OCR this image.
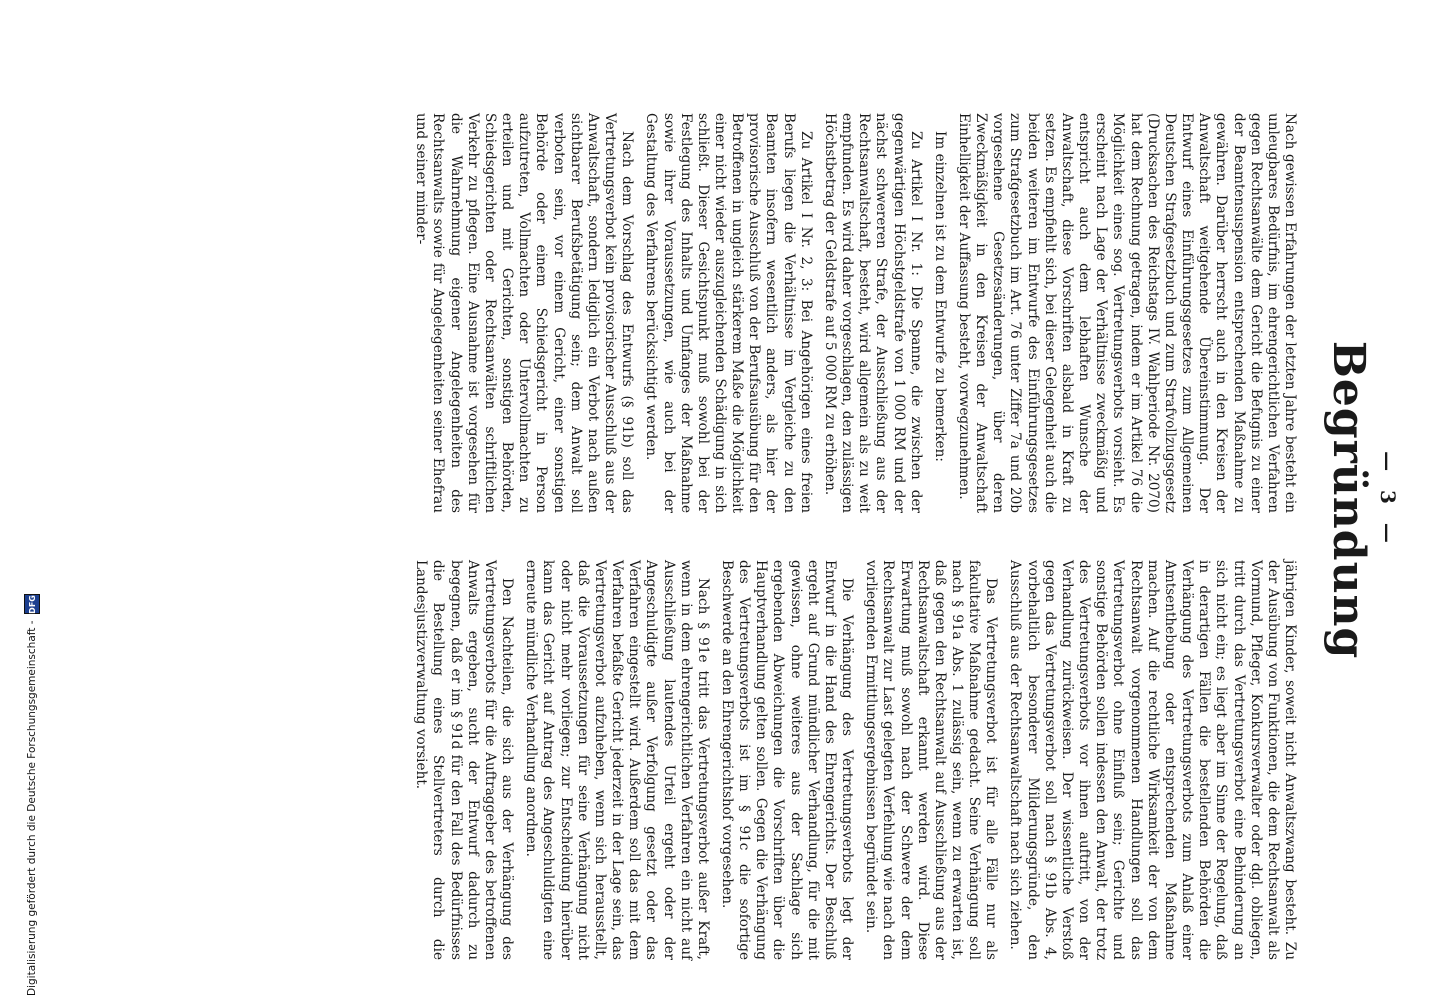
— 3 —
Begründung

Nach gewissen Erfahrungen der letzten Jahre besteht ein unleugbares Bedürfnis, im ehrengerichtlichen Verfahren gegen Rechtsanwälte dem Gericht die Befugnis zu einer der Beamtensuspension entsprechenden Maßnahme zu gewähren. Darüber herrscht auch in den Kreisen der Anwaltschaft weitgehende Übereinstimmung. Der Entwurf eines Einführungsgesetzes zum Allgemeinen Deutschen Strafgesetzbuch und zum Strafvollzugsgesetz (Drucksachen des Reichstags IV. Wahlperiode Nr. 2070) hat dem Rechnung getragen, indem er im Artikel 76 die Möglichkeit eines sog. Vertretungsverbots vorsieht. Es erscheint nach Lage der Verhältnisse zweckmäßig und entspricht auch dem lebhaften Wunsche der Anwaltschaft, diese Vorschriften alsbald in Kraft zu setzen. Es empfiehlt sich, bei dieser Gelegenheit auch die beiden weiteren im Entwurfe des Einführungsgesetzes zum Strafgesetzbuch im Art. 76 unter Ziffer 7a und 20b vorgesehene Gesetzesänderungen, über deren Zweckmäßigkeit in den Kreisen der Anwaltschaft Einhelligkeit der Auffassung besteht, vorwegzunehmen.

Im einzelnen ist zu dem Entwurfe zu bemerken:

Zu Artikel I Nr. 1: Die Spanne, die zwischen der gegenwärtigen Höchstgeldstrafe von 1 000 RM und der nächst schwereren Strafe, der Ausschließung aus der Rechtsanwaltschaft, besteht, wird allgemein als zu weit empfunden. Es wird daher vorgeschlagen, den zulässigen Höchstbetrag der Geldstrafe auf 5 000 RM zu erhöhen.

Zu Artikel I Nr. 2, 3: Bei Angehörigen eines freien Berufs liegen die Verhältnisse im Vergleiche zu den Beamten insofern wesentlich anders, als hier der provisorische Ausschluß von der Berufsausübung für den Betroffenen in ungleich stärkerem Maße die Möglichkeit einer nicht wieder auszugleichenden Schädigung in sich schließt. Dieser Gesichtspunkt muß sowohl bei der Festlegung des Inhalts und Umfanges der Maßnahme sowie ihrer Voraussetzungen, wie auch bei der Gestaltung des Verfahrens berücksichtigt werden.

Nach dem Vorschlag des Entwurfs (§ 91b) soll das Vertretungsverbot kein provisorischer Ausschluß aus der Anwaltschaft, sondern lediglich ein Verbot nach außen sichtbarer Berufsbetätigung sein; dem Anwalt soll verboten sein, vor einem Gericht, einer sonstigen Behörde oder einem Schiedsgericht in Person aufzutreten, Vollmachten oder Untervollmachten zu erteilen und mit Gerichten, sonstigen Behörden, Schiedsgerichten oder Rechtsanwälten schriftlichen Verkehr zu pflegen. Eine Ausnahme ist vorgesehen für die Wahrnehmung eigener Angelegenheiten des Rechtsanwalts sowie für Angelegenheiten seiner Ehefrau und seiner minder-

jährigen Kinder, soweit nicht Anwaltszwang besteht. Zu der Ausübung von Funktionen, die dem Rechtsanwalt als Vormund, Pfleger, Konkursverwalter oder dgl. obliegen, tritt durch das Vertretungsverbot eine Behinderung an sich nicht ein; es liegt aber im Sinne der Regelung, daß in derartigen Fällen die bestellenden Behörden die Verhängung des Vertretungsverbots zum Anlaß einer Amtsenthebung oder entsprechenden Maßnahme machen. Auf die rechtliche Wirksamkeit der von dem Rechtsanwalt vorgenommenen Handlungen soll das Vertretungsverbot ohne Einfluß sein; Gerichte und sonstige Behörden sollen indessen den Anwalt, der trotz des Vertretungsverbots vor ihnen auftritt, von der Verhandlung zurückweisen. Der wissentliche Verstoß gegen das Vertretungsverbot soll nach § 91b Abs. 4, vorbehaltlich besonderer Milderungsgründe, den Ausschluß aus der Rechtsanwaltschaft nach sich ziehen.

Das Vertretungsverbot ist für alle Fälle nur als fakultative Maßnahme gedacht. Seine Verhängung soll nach § 91a Abs. 1 zulässig sein, wenn zu erwarten ist, daß gegen den Rechtsanwalt auf Ausschließung aus der Rechtsanwaltschaft erkannt werden wird. Diese Erwartung muß sowohl nach der Schwere der dem Rechtsanwalt zur Last gelegten Verfehlung wie nach den vorliegenden Ermittlungsergebnissen begründet sein.

Die Verhängung des Vertretungsverbots legt der Entwurf in die Hand des Ehrengerichts. Der Beschluß ergeht auf Grund mündlicher Verhandlung, für die mit gewissen, ohne weiteres aus der Sachlage sich ergebenden Abweichungen die Vorschriften über die Hauptverhandlung gelten sollen. Gegen die Verhängung des Vertretungsverbots ist im § 91c die sofortige Beschwerde an den Ehrengerichtshof vorgesehen.

Nach § 91e tritt das Vertretungsverbot außer Kraft, wenn in dem ehrengerichtlichen Verfahren ein nicht auf Ausschließung lautendes Urteil ergeht oder der Angeschuldigte außer Verfolgung gesetzt oder das Verfahren eingestellt wird. Außerdem soll das mit dem Verfahren befaßte Gericht jederzeit in der Lage sein, das Vertretungsverbot aufzuheben, wenn sich herausstellt, daß die Voraussetzungen für seine Verhängung nicht oder nicht mehr vorliegen; zur Entscheidung hierüber kann das Gericht auf Antrag des Angeschuldigten eine erneute mündliche Verhandlung anordnen.

Den Nachteilen, die sich aus der Verhängung des Vertretungsverbots für die Auftraggeber des betroffenen Anwalts ergeben, sucht der Entwurf dadurch zu begegnen, daß er im § 91d für den Fall des Bedürfnisses die Bestellung eines Stellvertreters durch die Landesjustizverwaltung vorsieht.

Digitalisierung gefördert durch die Deutsche Forschungsgemeinschaft -
DFG
